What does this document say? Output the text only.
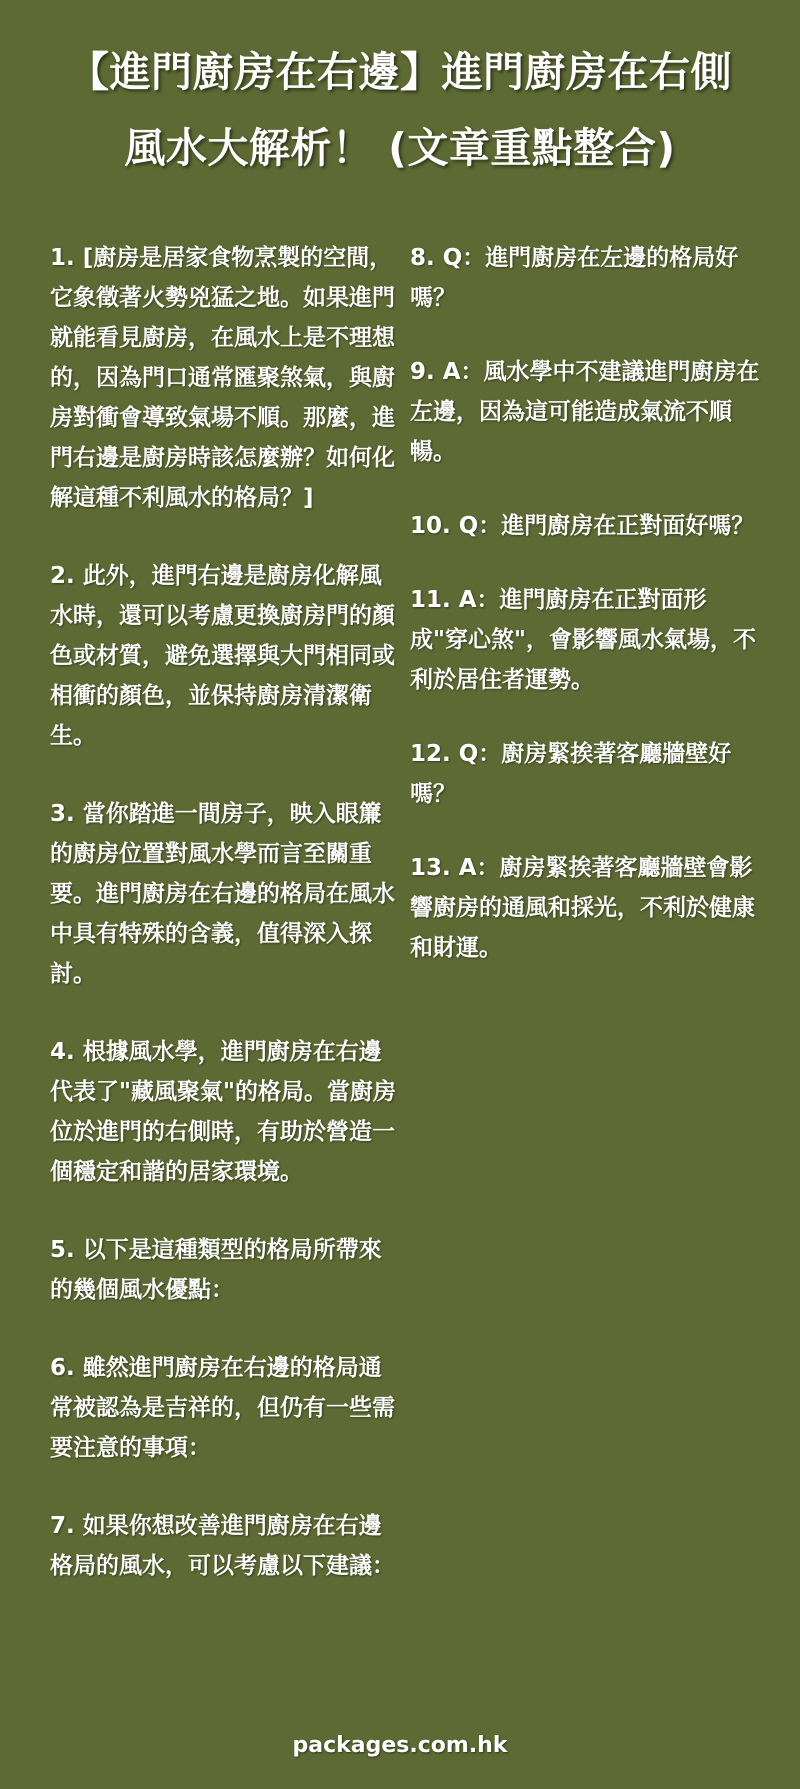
【進門廚房在右邊】進門廚房在右側 風水大解析！ (文章重點整合)
1. [廚房是居家食物烹製的空間，它象徵著火勢兇猛之地。如果進門就能看見廚房，在風水上是不理想的，因為門口通常匯聚煞氣，與廚房對衝會導致氣場不順。那麼，進門右邊是廚房時該怎麼辦？如何化解這種不利風水的格局？]
2. 此外，進門右邊是廚房化解風水時，還可以考慮更換廚房門的顏色或材質，避免選擇與大門相同或相衝的顏色，並保持廚房清潔衛生。
3. 當你踏進一間房子，映入眼簾的廚房位置對風水學而言至關重要。進門廚房在右邊的格局在風水中具有特殊的含義，值得深入探討。
4. 根據風水學，進門廚房在右邊代表了"藏風聚氣"的格局。當廚房位於進門的右側時，有助於營造一個穩定和諧的居家環境。
5. 以下是這種類型的格局所帶來的幾個風水優點：
6. 雖然進門廚房在右邊的格局通常被認為是吉祥的，但仍有一些需要注意的事項：
7. 如果你想改善進門廚房在右邊格局的風水，可以考慮以下建議：
8. Q：進門廚房在左邊的格局好嗎？
9. A：風水學中不建議進門廚房在左邊，因為這可能造成氣流不順暢。
10. Q：進門廚房在正對面好嗎？
11. A：進門廚房在正對面形成"穿心煞"，會影響風水氣場，不利於居住者運勢。
12. Q：廚房緊挨著客廳牆壁好嗎？
13. A：廚房緊挨著客廳牆壁會影響廚房的通風和採光，不利於健康和財運。
packages.com.hk
